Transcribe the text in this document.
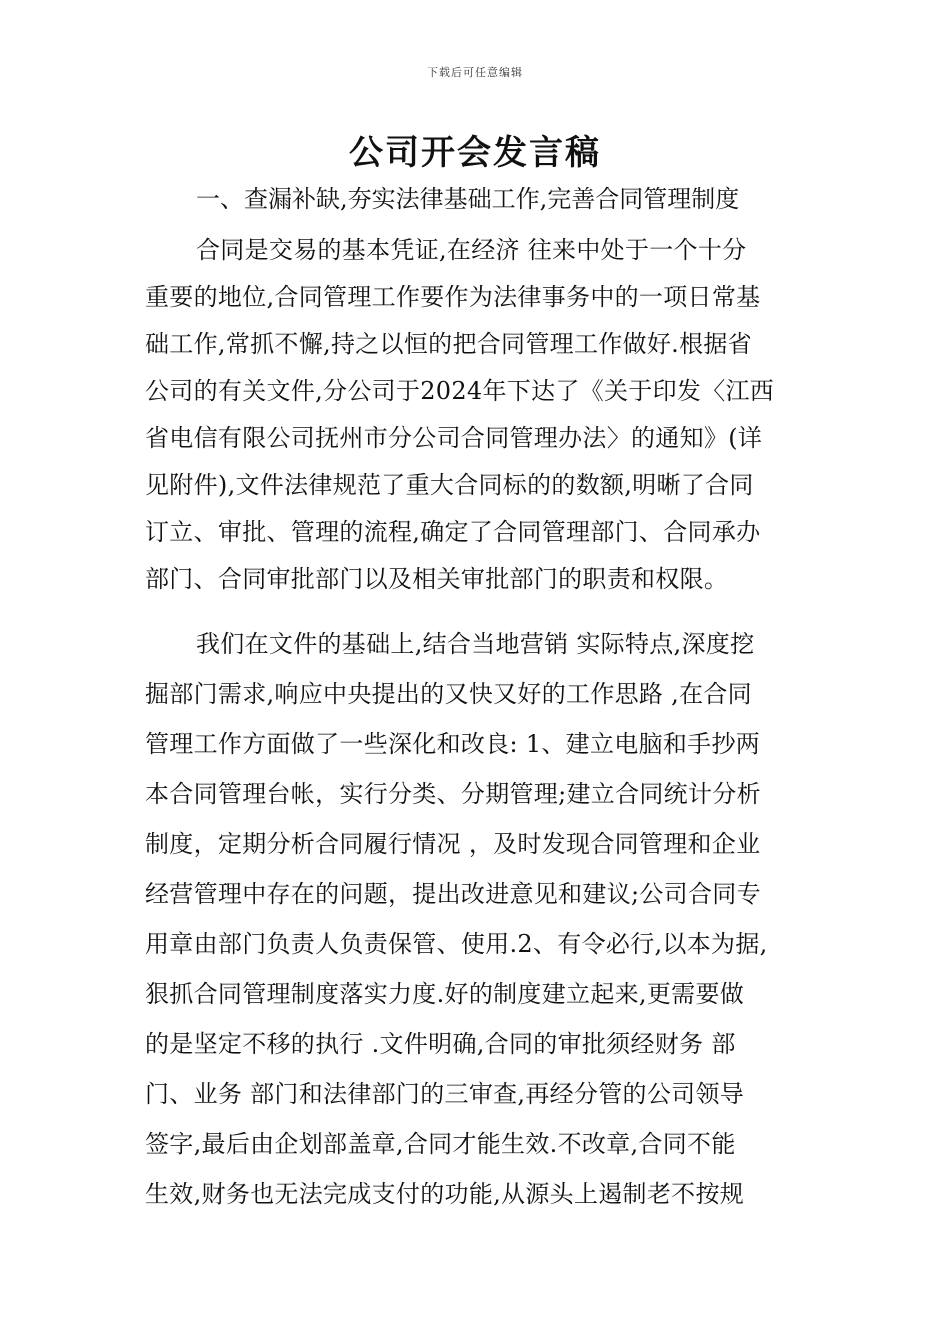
下载后可任意编辑
公司开会发言稿
一、查漏补缺,夯实法律基础工作,完善合同管理制度
合同是交易的基本凭证,在经济 往来中处于一个十分
重要的地位,合同管理工作要作为法律事务中的一项日常基
础工作,常抓不懈,持之以恒的把合同管理工作做好.根据省
公司的有关文件,分公司于2024年下达了《关于印发〈江西
省电信有限公司抚州市分公司合同管理办法〉的通知》(详
见附件),文件法律规范了重大合同标的的数额,明晰了合同
订立、审批、管理的流程,确定了合同管理部门、合同承办
部门、合同审批部门以及相关审批部门的职责和权限。
我们在文件的基础上,结合当地营销 实际特点,深度挖
掘部门需求,响应中央提出的又快又好的工作思路 ,在合同
管理工作方面做了一些深化和改良: 1、建立电脑和手抄两
本合同管理台帐，实行分类、分期管理;建立合同统计分析
制度，定期分析合同履行情况 ，及时发现合同管理和企业
经营管理中存在的问题，提出改进意见和建议;公司合同专
用章由部门负责人负责保管、使用.2、有令必行,以本为据,
狠抓合同管理制度落实力度.好的制度建立起来,更需要做
的是坚定不移的执行 .文件明确,合同的审批须经财务 部
门、业务 部门和法律部门的三审查,再经分管的公司领导
签字,最后由企划部盖章,合同才能生效.不改章,合同不能
生效,财务也无法完成支付的功能,从源头上遏制老不按规
